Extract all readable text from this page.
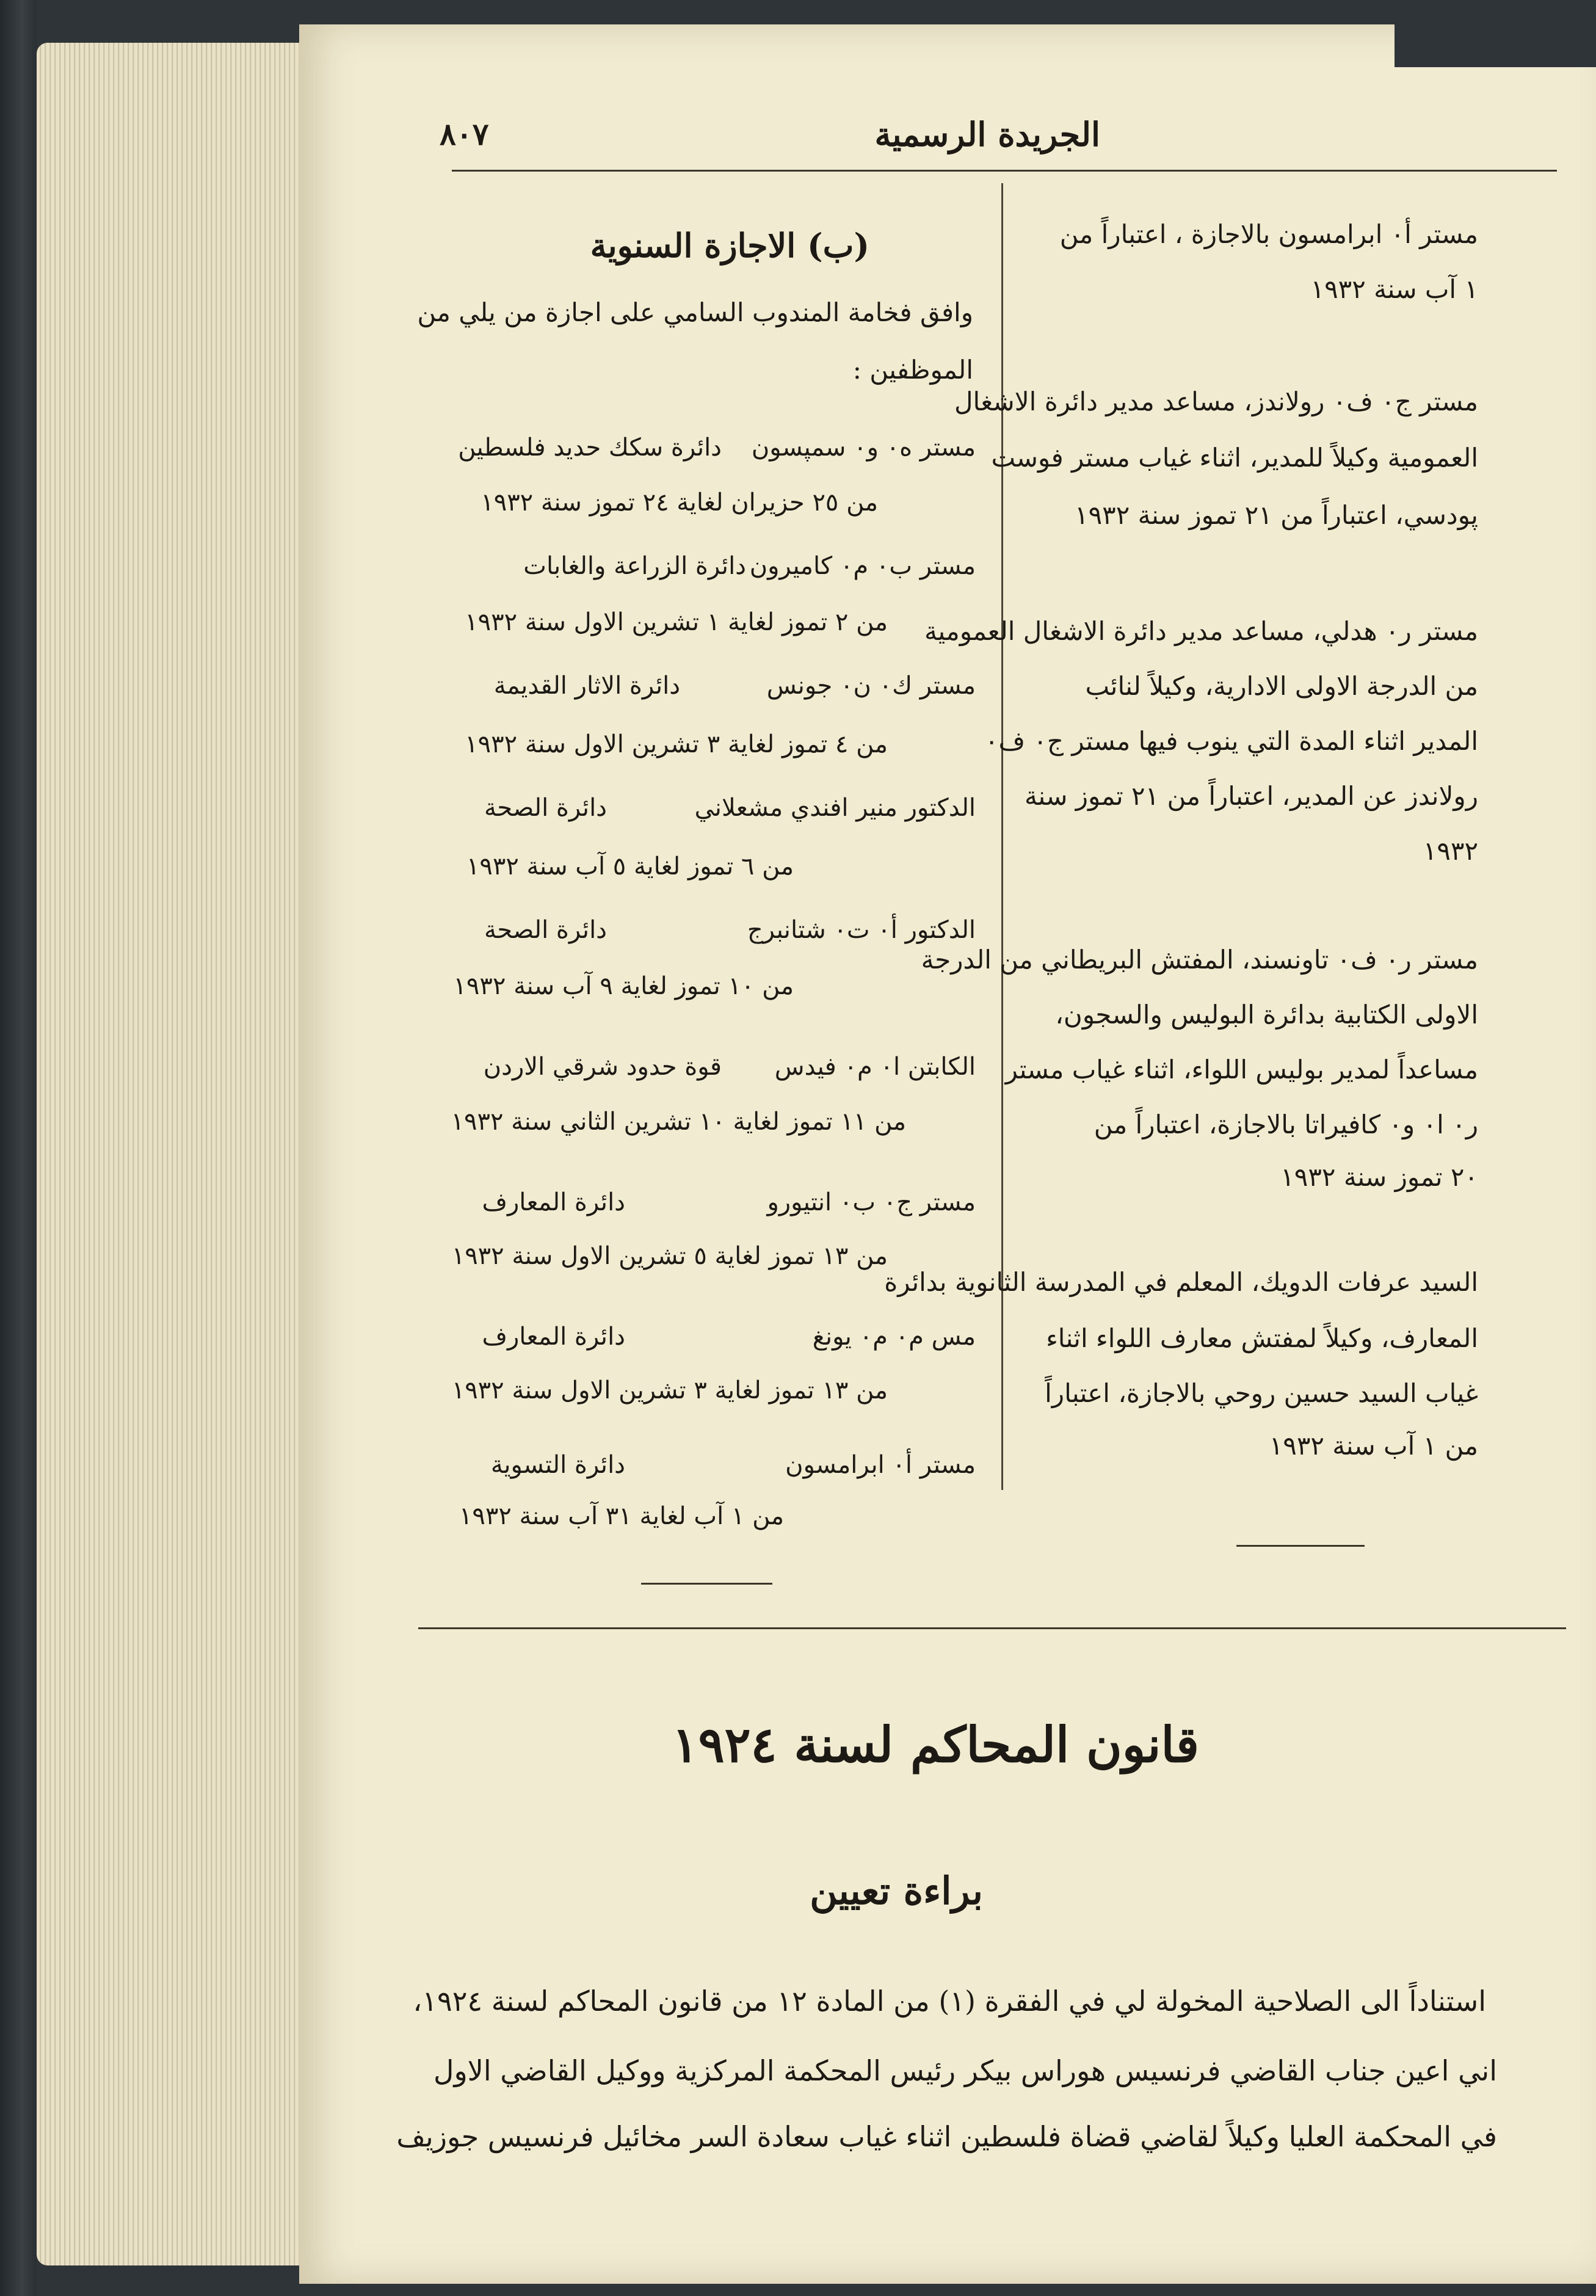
٨٠٧	الجريدة الرسمية
مستر أ٠ ابرامسون بالاجازة ، اعتباراً من
١ آب سنة ١٩٣٢
مستر ج٠ ف٠ رولاندز، مساعد مدير دائرة الاشغال
العمومية وكيلاً للمدير، اثناء غياب مستر فوست
پودسي، اعتباراً من ٢١ تموز سنة ١٩٣٢
مستر ر٠ هدلي، مساعد مدير دائرة الاشغال العمومية
من الدرجة الاولى الادارية، وكيلاً لنائب
المدير اثناء المدة التي ينوب فيها مستر ج٠ ف٠
رولاندز عن المدير، اعتباراً من ٢١ تموز سنة
١٩٣٢
مستر ر٠ ف٠ تاونسند، المفتش البريطاني من الدرجة
الاولى الكتابية بدائرة البوليس والسجون،
مساعداً لمدير بوليس اللواء، اثناء غياب مستر
ر٠ ا٠ و٠ كافيراتا بالاجازة، اعتباراً من
٢٠ تموز سنة ١٩٣٢
السيد عرفات الدويك، المعلم في المدرسة الثانوية بدائرة
المعارف، وكيلاً لمفتش معارف اللواء اثناء
غياب السيد حسين روحي بالاجازة، اعتباراً
من ١ آب سنة ١٩٣٢
(ب) الاجازة السنوية
وافق فخامة المندوب السامي على اجازة من يلي من
الموظفين :
مستر ه٠ و٠ سمپسون
دائرة سكك حديد فلسطين
من ٢٥ حزيران لغاية ٢٤ تموز سنة ١٩٣٢
مستر ب٠ م٠ كاميرون
دائرة الزراعة والغابات
من ٢ تموز لغاية ١ تشرين الاول سنة ١٩٣٢
مستر ك٠ ن٠ جونس
دائرة الاثار القديمة
من ٤ تموز لغاية ٣ تشرين الاول سنة ١٩٣٢
الدكتور منير افندي مشعلاني
دائرة الصحة
من ٦ تموز لغاية ٥ آب سنة ١٩٣٢
الدكتور أ٠ ت٠ شتانبرج
دائرة الصحة
من ١٠ تموز لغاية ٩ آب سنة ١٩٣٢
الكابتن ا٠ م٠ فيدس
قوة حدود شرقي الاردن
من ١١ تموز لغاية ١٠ تشرين الثاني سنة ١٩٣٢
مستر ج٠ ب٠ انتيورو
دائرة المعارف
من ١٣ تموز لغاية ٥ تشرين الاول سنة ١٩٣٢
مس م٠ م٠ يونغ
دائرة المعارف
من ١٣ تموز لغاية ٣ تشرين الاول سنة ١٩٣٢
مستر أ٠ ابرامسون
دائرة التسوية
من ١ آب لغاية ٣١ آب سنة ١٩٣٢
قانون المحاكم لسنة ١٩٢٤
براءة تعيين
استناداً الى الصلاحية المخولة لي في الفقرة (١) من المادة ١٢ من قانون المحاكم لسنة ١٩٢٤،
اني اعين جناب القاضي فرنسيس هوراس بيكر رئيس المحكمة المركزية ووكيل القاضي الاول
في المحكمة العليا وكيلاً لقاضي قضاة فلسطين اثناء غياب سعادة السر مخائيل فرنسيس جوزيف
